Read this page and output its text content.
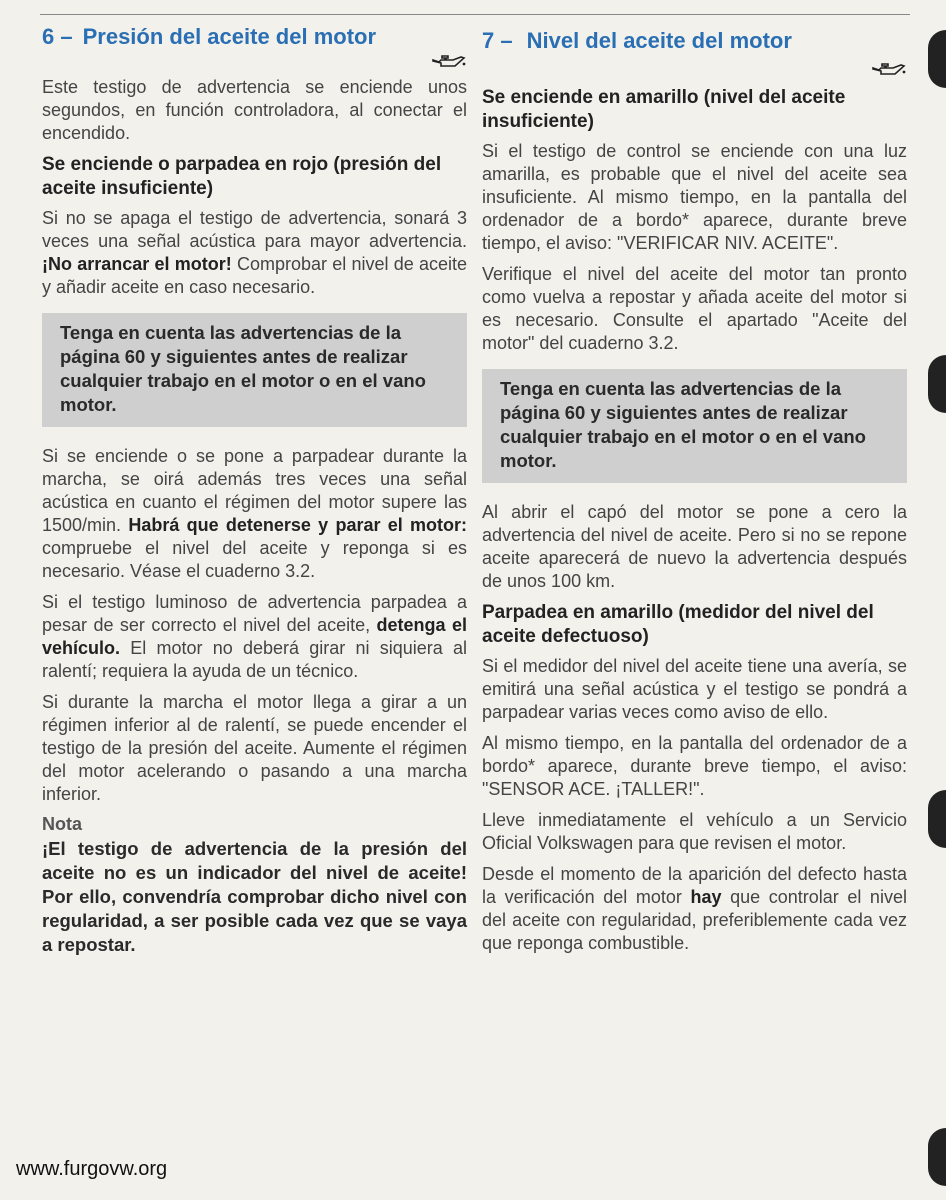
6 – Presión del aceite del motor

Este testigo de advertencia se enciende unos segundos, en función controladora, al conectar el encendido.

Se enciende o parpadea en rojo (presión del aceite insuficiente)

Si no se apaga el testigo de advertencia, sonará 3 veces una señal acústica para mayor advertencia. ¡No arrancar el motor! Comprobar el nivel de aceite y añadir aceite en caso necesario.

Tenga en cuenta las advertencias de la página 60 y siguientes antes de realizar cualquier trabajo en el motor o en el vano motor.

Si se enciende o se pone a parpadear durante la marcha, se oirá además tres veces una señal acústica en cuanto el régimen del motor supere las 1500/min. Habrá que detenerse y parar el motor: compruebe el nivel del aceite y reponga si es necesario. Véase el cuaderno 3.2.

Si el testigo luminoso de advertencia parpadea a pesar de ser correcto el nivel del aceite, detenga el vehículo. El motor no deberá girar ni siquiera al ralentí; requiera la ayuda de un técnico.

Si durante la marcha el motor llega a girar a un régimen inferior al de ralentí, se puede encender el testigo de la presión del aceite. Aumente el régimen del motor acelerando o pasando a una marcha inferior.

Nota
¡El testigo de advertencia de la presión del aceite no es un indicador del nivel de aceite! Por ello, convendría comprobar dicho nivel con regularidad, a ser posible cada vez que se vaya a repostar.
7 – Nivel del aceite del motor
Se enciende en amarillo (nivel del aceite insuficiente)

Si el testigo de control se enciende con una luz amarilla, es probable que el nivel del aceite sea insuficiente. Al mismo tiempo, en la pantalla del ordenador de a bordo* aparece, durante breve tiempo, el aviso: "VERIFICAR NIV. ACEITE".

Verifique el nivel del aceite del motor tan pronto como vuelva a repostar y añada aceite del motor si es necesario. Consulte el apartado "Aceite del motor" del cuaderno 3.2.

Tenga en cuenta las advertencias de la página 60 y siguientes antes de realizar cualquier trabajo en el motor o en el vano motor.

Al abrir el capó del motor se pone a cero la advertencia del nivel de aceite. Pero si no se repone aceite aparecerá de nuevo la advertencia después de unos 100 km.

Parpadea en amarillo (medidor del nivel del aceite defectuoso)

Si el medidor del nivel del aceite tiene una avería, se emitirá una señal acústica y el testigo se pondrá a parpadear varias veces como aviso de ello.

Al mismo tiempo, en la pantalla del ordenador de a bordo* aparece, durante breve tiempo, el aviso: "SENSOR ACE. ¡TALLER!".

Lleve inmediatamente el vehículo a un Servicio Oficial Volkswagen para que revisen el motor.

Desde el momento de la aparición del defecto hasta la verificación del motor hay que controlar el nivel del aceite con regularidad, preferiblemente cada vez que reponga combustible.

www.furgovw.org
